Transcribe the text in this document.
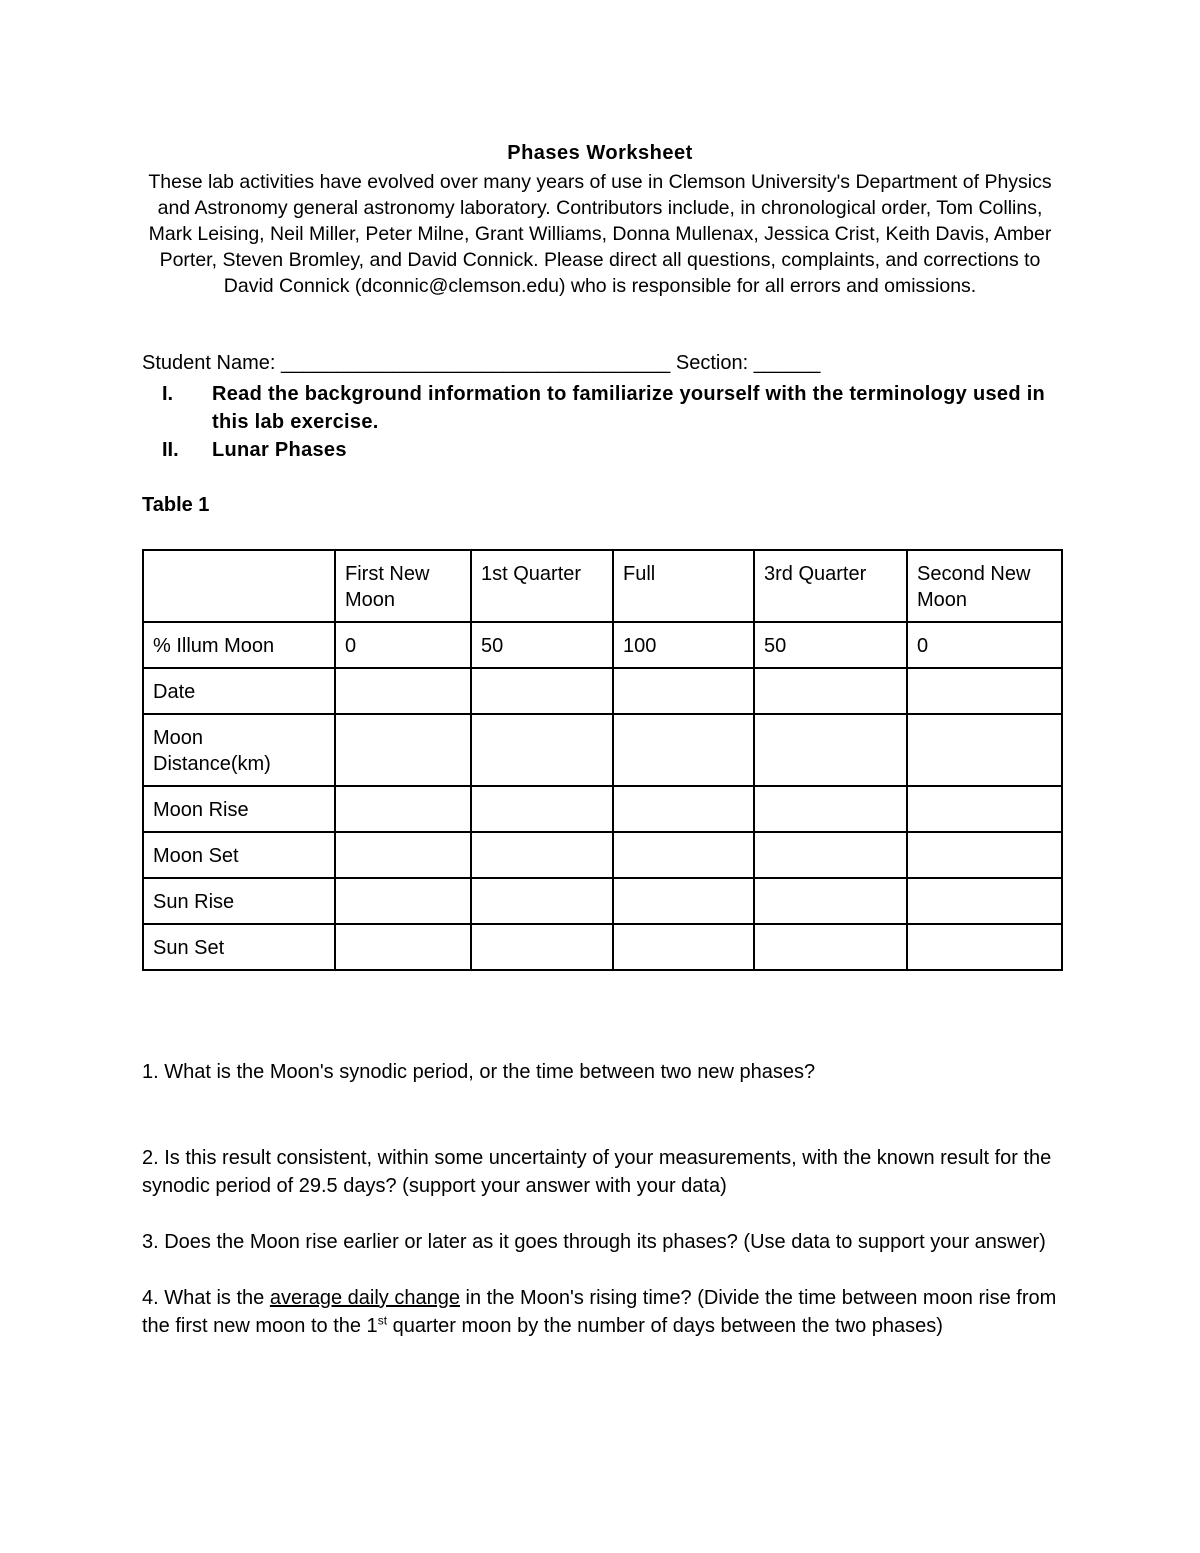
Phases Worksheet
These lab activities have evolved over many years of use in Clemson University's Department of Physics and Astronomy general astronomy laboratory. Contributors include, in chronological order, Tom Collins, Mark Leising, Neil Miller, Peter Milne, Grant Williams, Donna Mullenax, Jessica Crist, Keith Davis, Amber Porter, Steven Bromley, and David Connick. Please direct all questions, complaints, and corrections to David Connick (dconnic@clemson.edu) who is responsible for all errors and omissions.
Student Name: ___________________________________ Section: ______
I.	Read the background information to familiarize yourself with the terminology used in this lab exercise.
II.	Lunar Phases
Table 1
	First New Moon	1st Quarter	Full	3rd Quarter	Second New Moon
% Illum Moon	0	50	100	50	0
Date					
Moon Distance(km)					
Moon Rise					
Moon Set					
Sun Rise					
Sun Set					

1. What is the Moon's synodic period, or the time between two new phases?

2. Is this result consistent, within some uncertainty of your measurements, with the known result for the synodic period of 29.5 days? (support your answer with your data)

3. Does the Moon rise earlier or later as it goes through its phases? (Use data to support your answer)

4. What is the average daily change in the Moon's rising time? (Divide the time between moon rise from the first new moon to the 1st quarter moon by the number of days between the two phases)
